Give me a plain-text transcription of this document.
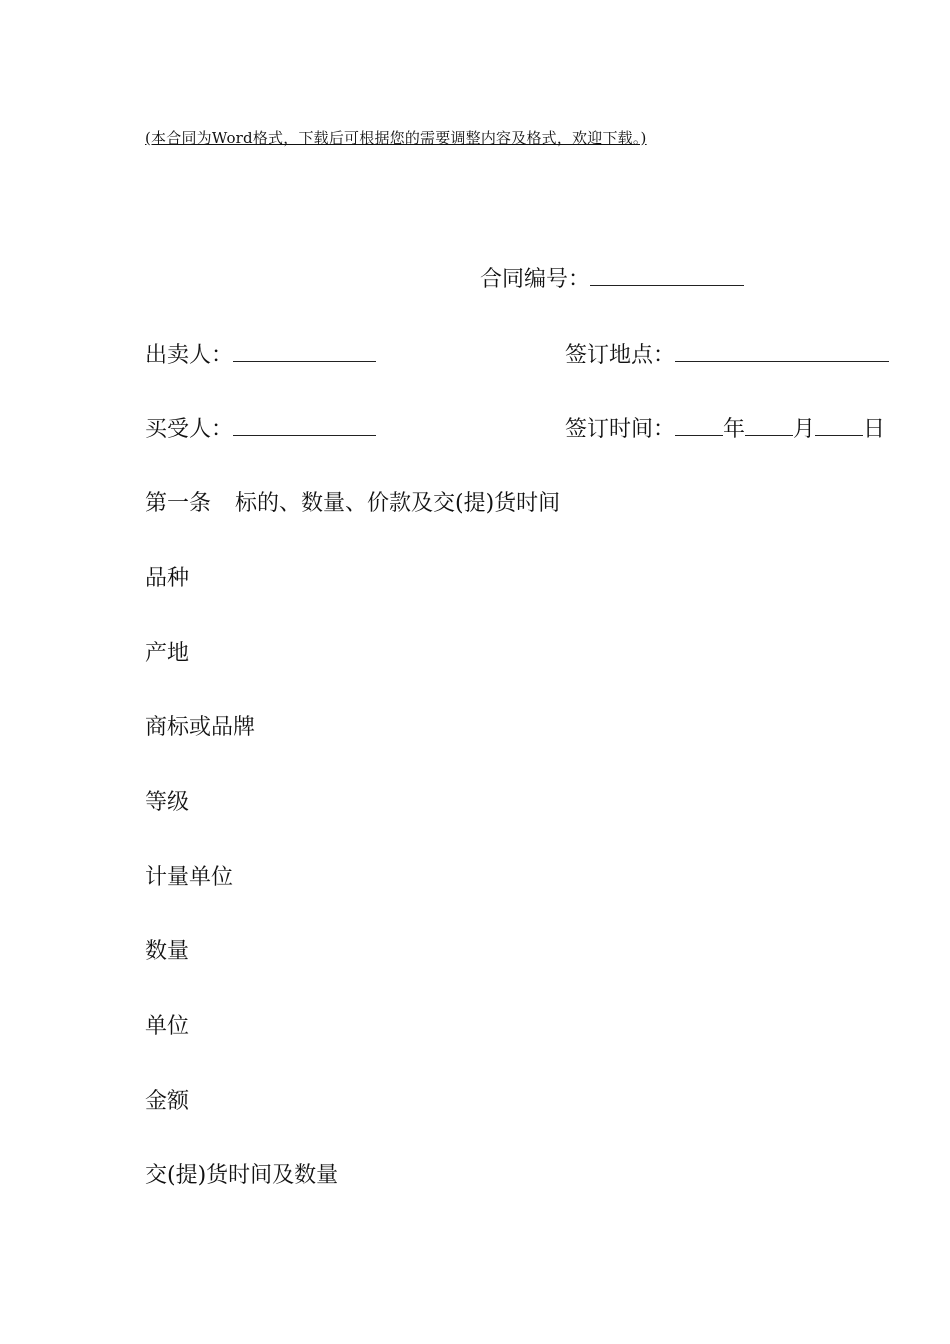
(本合同为Word格式，下载后可根据您的需要调整内容及格式，欢迎下载。)
合同编号：
出卖人：	签订地点：
买受人：	签订时间： 年 月 日
第一条 标的、数量、价款及交(提)货时间
品种
产地
商标或品牌
等级
计量单位
数量
单位
金额
交(提)货时间及数量
